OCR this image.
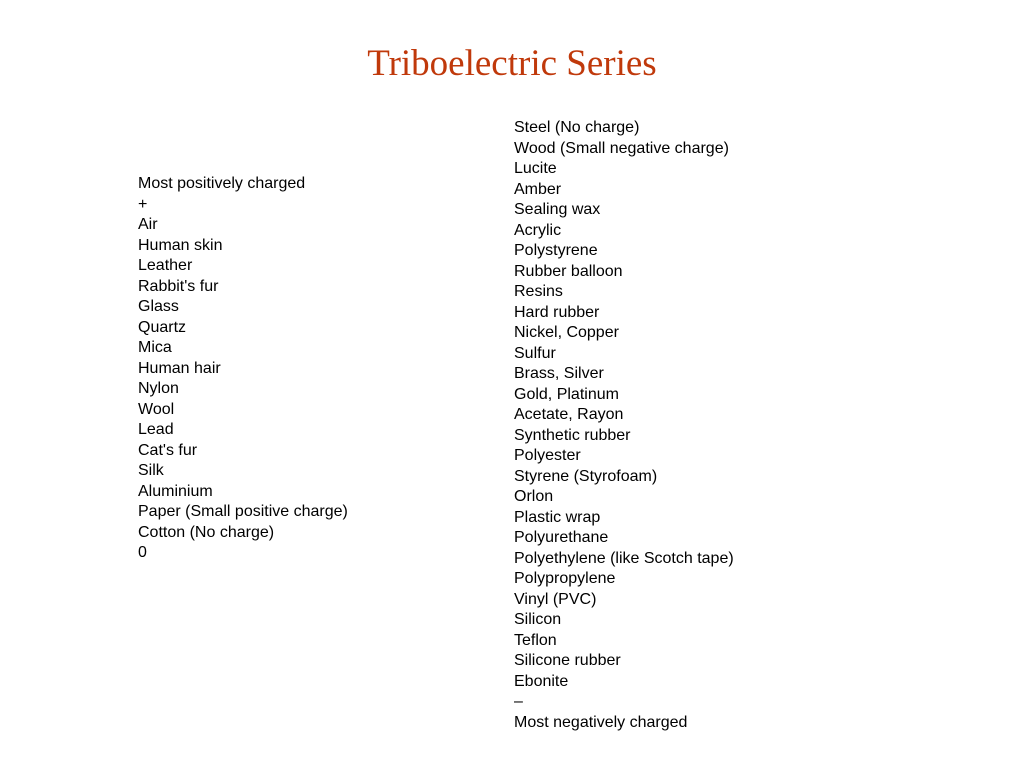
Triboelectric Series
Most positively charged
+
Air
Human skin
Leather
Rabbit's fur
Glass
Quartz
Mica
Human hair
Nylon
Wool
Lead
Cat's fur
Silk
Aluminium
Paper (Small positive charge)
Cotton (No charge)
0
Steel (No charge)
Wood (Small negative charge)
Lucite
Amber
Sealing wax
Acrylic
Polystyrene
Rubber balloon
Resins
Hard rubber
Nickel, Copper
Sulfur
Brass, Silver
Gold, Platinum
Acetate, Rayon
Synthetic rubber
Polyester
Styrene (Styrofoam)
Orlon
Plastic wrap
Polyurethane
Polyethylene (like Scotch tape)
Polypropylene
Vinyl (PVC)
Silicon
Teflon
Silicone rubber
Ebonite
–
Most negatively charged
